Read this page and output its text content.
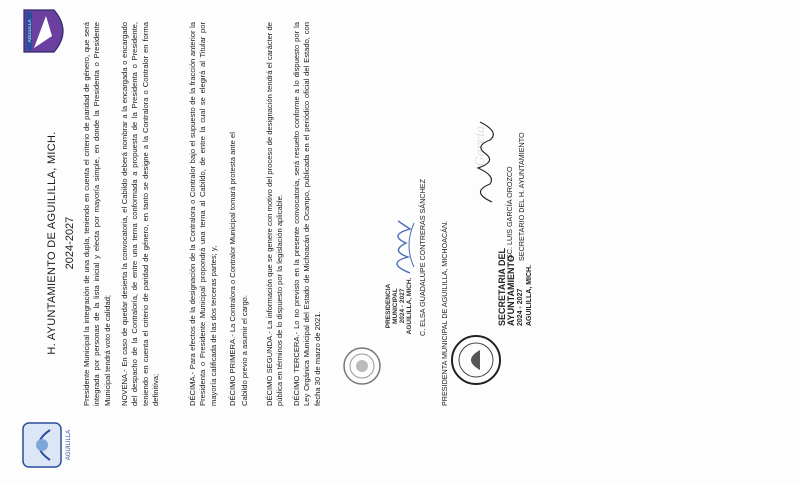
AGUILILLA
AGUILILLA
H. AYUNTAMIENTO DE AGUILILLA, MICH. 2024-2027 Presidente Municipal la integración de una dupla, teniendo en cuenta el criterio de paridad de género, que será integrada por personas de la lista inicial y electa por mayoría simple, en donde la Presidenta o Presidente Municipal tendrá voto de calidad; NOVENA.- En caso de quedar desierta la convocatoria, el Cabildo deberá nombrar a la encargada o encargado del despacho de la Contraloría, de entre una terna conformada a propuesta de la Presidenta o Presidente, teniendo en cuenta el criterio de paridad de género, en tanto se designe a la Contralora o Contralor en forma definitiva;	DÉCIMA.- Para efectos de la designación de la Contralora o Contralor bajo el supuesto de la fracción anterior la Presidenta o Presidente Municipal propondrá una terna al Cabildo, de entre la cual se elegirá al Titular por mayoría calificada de las dos terceras partes; y, DÉCIMO PRIMERA.- La Contralora o Contralor Municipal tomará protesta ante el Cabildo previo a asumir el cargo. DÉCIMO SEGUNDA.- La información que se genere con motivo del proceso de designación tendrá el carácter de pública en términos de lo dispuesto por la legislación aplicable. DÉCIMO TERCERA.- Lo no previsto en la presente convocatoria, será resuelto conforme a lo dispuesto por la Ley Orgánica Municipal del Estado de Michoacán de Ocampo, publicada en el periódico oficial del Estado, con fecha 30 de marzo de 2021.
PRESIDENCIA MUNICIPAL 2024 - 2027 AGUILILLA, MICH. C. ELSA GUADALUPE CONTRERAS SÁNCHEZ PRESIDENTA MUNICIPAL DE AGUILILLA, MICHOACÁN.
Garcia
SECRETARIA DEL AYUNTAMIENTO 2024 - 2027 AGUILILLA, MICH.
ISC. LUIS GARCÍA OROZCO SECRETARIO DEL H. AYUNTAMIENTO
